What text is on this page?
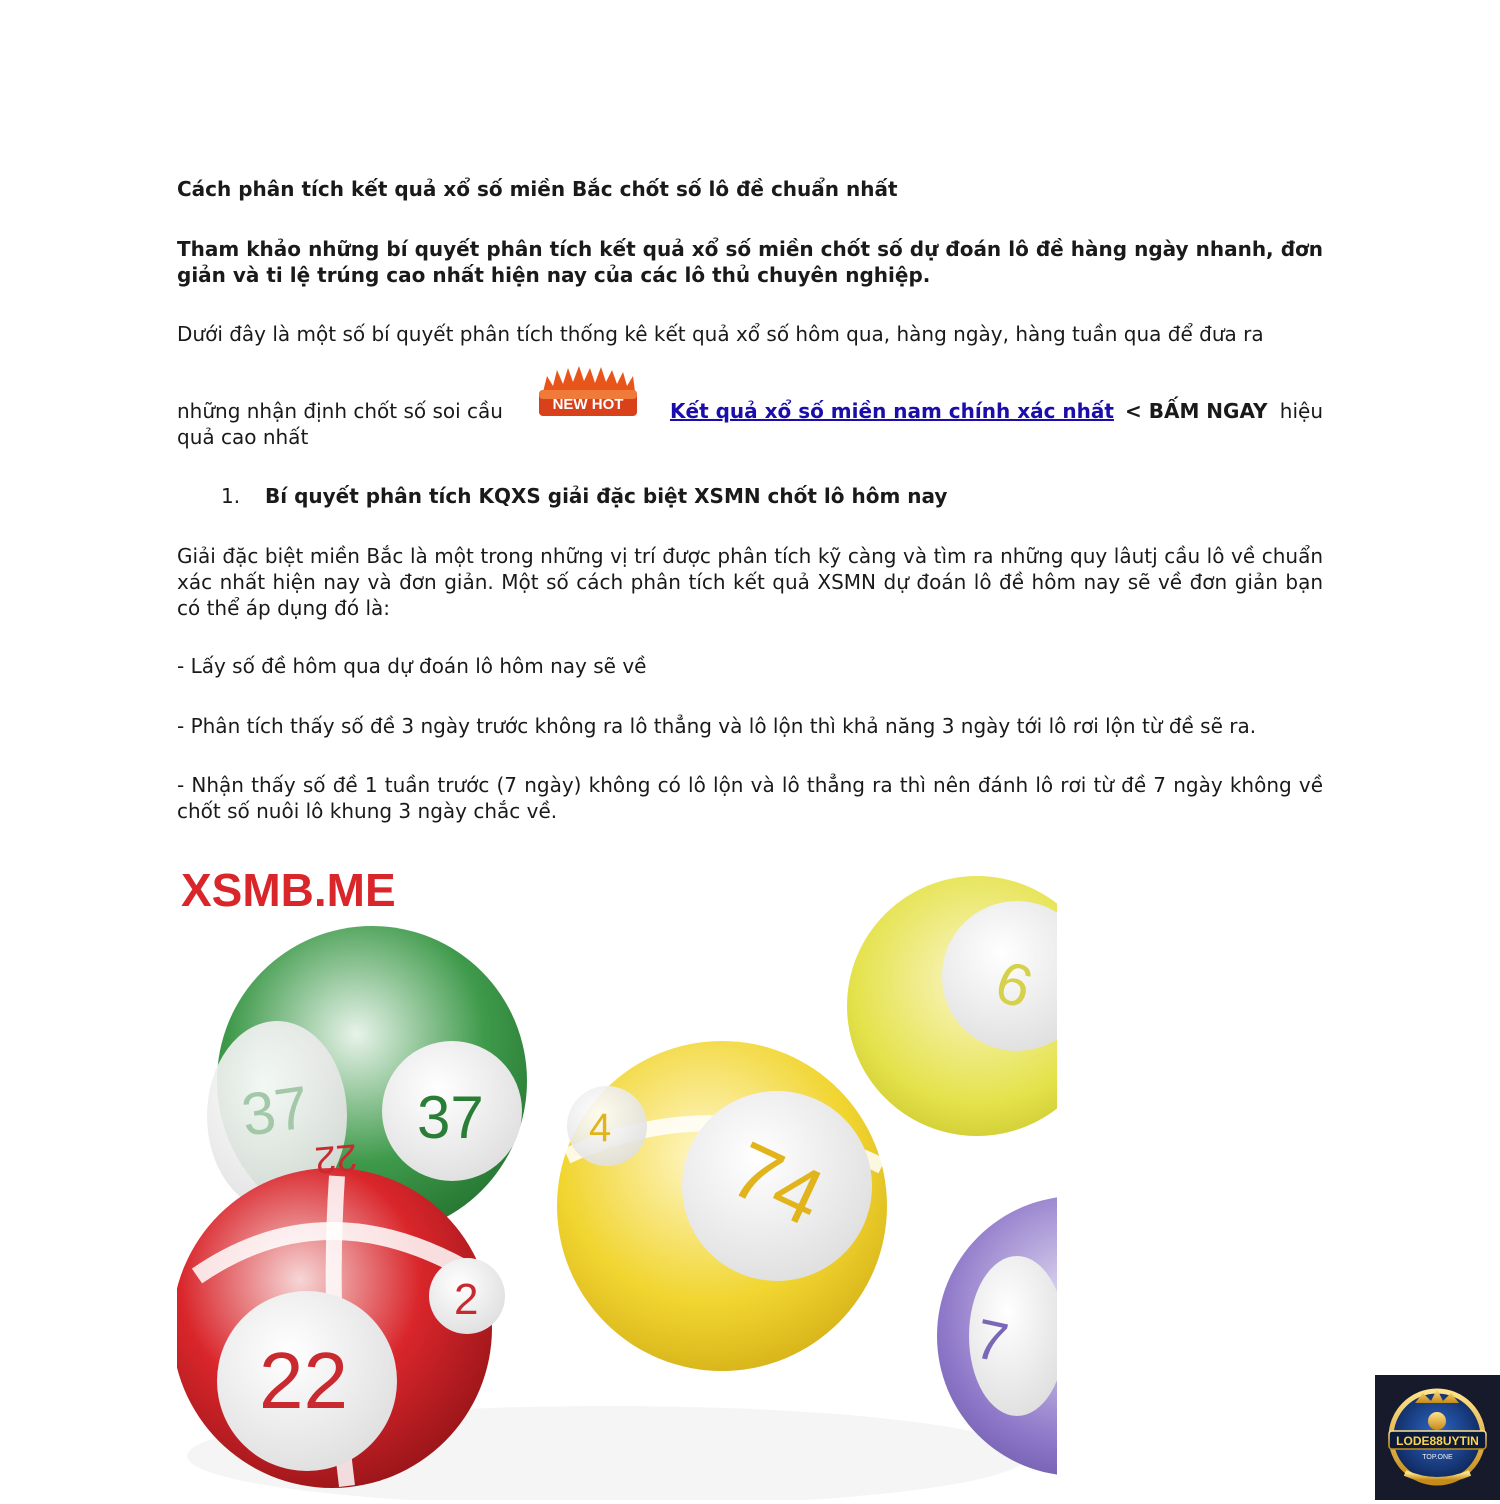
Cách phân tích kết quả xổ số miền Bắc chốt số lô đề chuẩn nhất

Tham khảo những bí quyết phân tích kết quả xổ số miền chốt số dự đoán lô đề hàng ngày nhanh, đơn giản và ti lệ trúng cao nhất hiện nay của các lô thủ chuyên nghiệp.

Dưới đây là một số bí quyết phân tích thống kê kết quả xổ số hôm qua, hàng ngày, hàng tuần qua để đưa ra

những nhận định chốt số soi cầu	NEW HOT Kết quả xổ số miền nam chính xác nhất < BẤM NGAY hiệu
quả cao nhất
1. Bí quyết phân tích KQXS giải đặc biệt XSMN chốt lô hôm nay

Giải đặc biệt miền Bắc là một trong những vị trí được phân tích kỹ càng và tìm ra những quy lâutj cầu lô về chuẩn xác nhất hiện nay và đơn giản. Một số cách phân tích kết quả XSMN dự đoán lô đề hôm nay sẽ về đơn giản bạn có thể áp dụng đó là:

- Lấy số đề hôm qua dự đoán lô hôm nay sẽ về

- Phân tích thấy số đề 3 ngày trước không ra lô thẳng và lô lộn thì khả năng 3 ngày tới lô rơi lộn từ đề sẽ ra.

- Nhận thấy số đề 1 tuần trước (7 ngày) không có lô lộn và lô thẳng ra thì nên đánh lô rơi từ đề 7 ngày không về chốt số nuôi lô khung 3 ngày chắc về.

XSMB.ME
37 37
22
22
2
74
4
6
7
LODE88UYTIN
TOP.ONE
